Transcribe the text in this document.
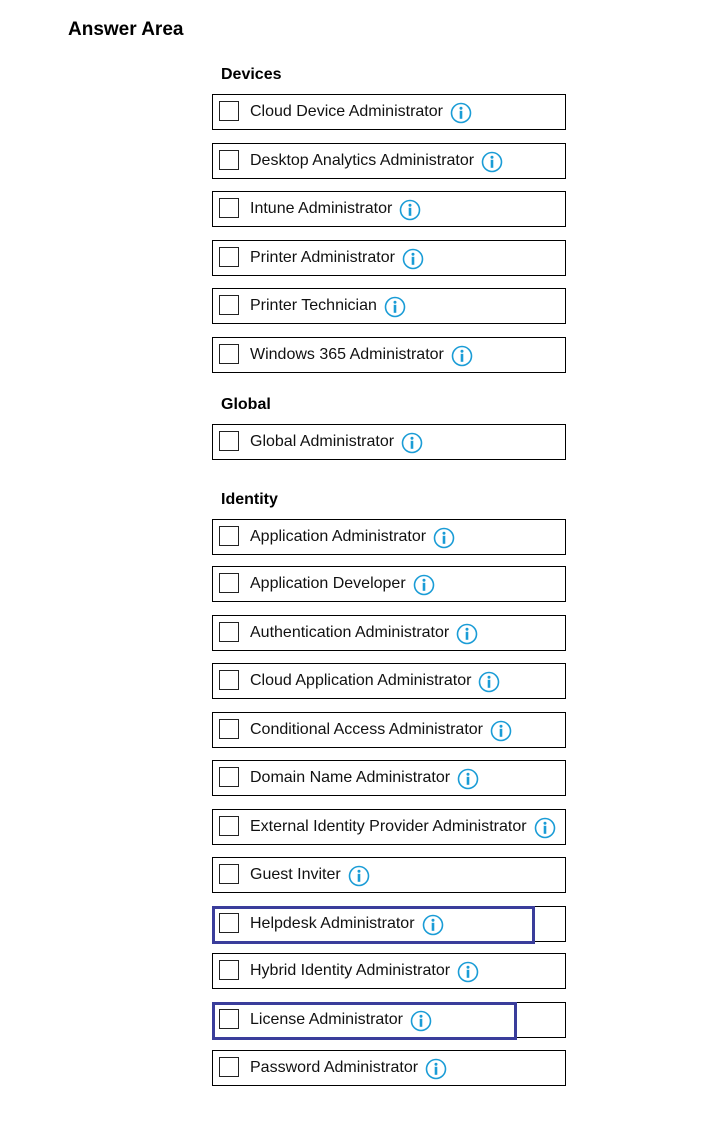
Answer Area
Devices
Cloud Device Administrator
Desktop Analytics Administrator
Intune Administrator
Printer Administrator
Printer Technician
Windows 365 Administrator
Global
Global Administrator
Identity
Application Administrator
Application Developer
Authentication Administrator
Cloud Application Administrator
Conditional Access Administrator
Domain Name Administrator
External Identity Provider Administrator
Guest Inviter
Helpdesk Administrator
Hybrid Identity Administrator
License Administrator
Password Administrator
